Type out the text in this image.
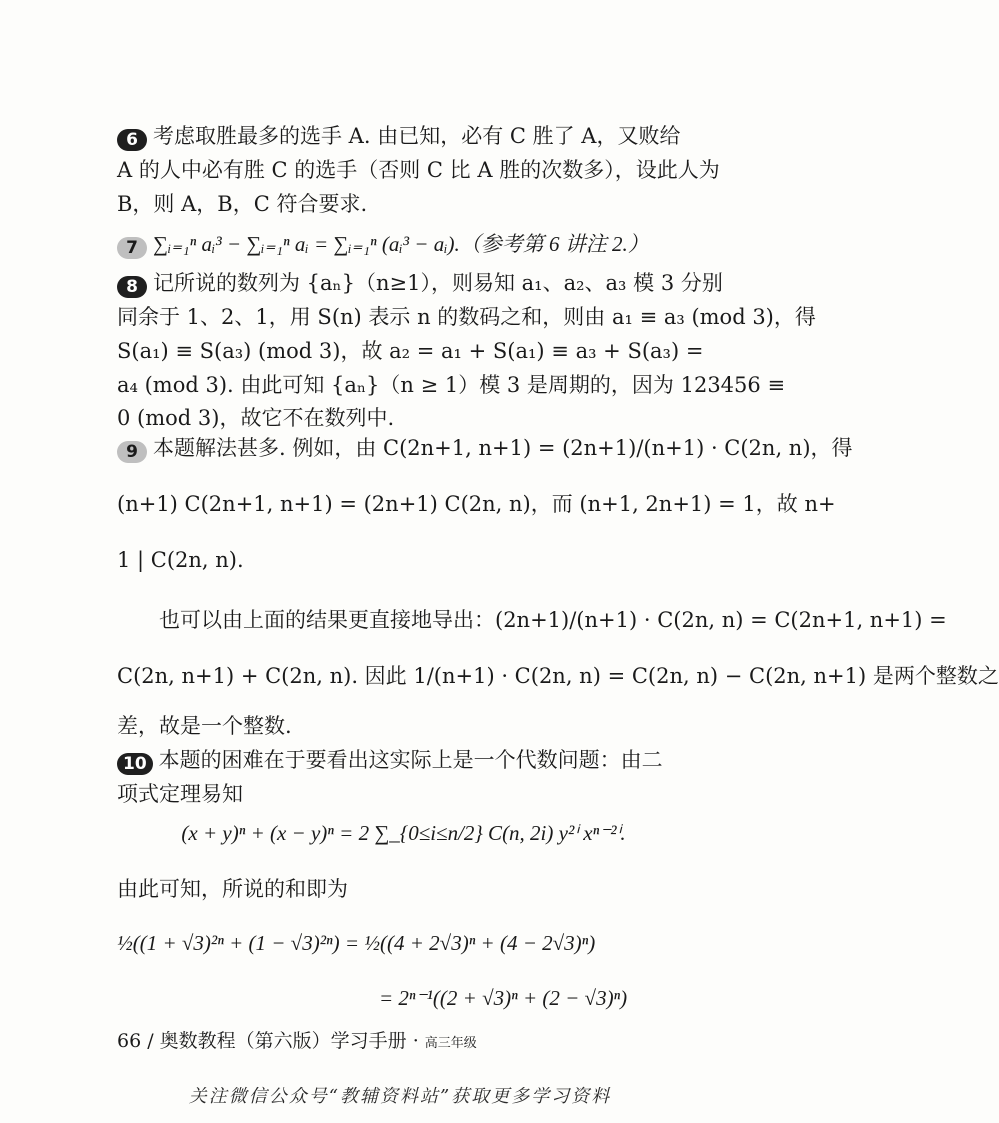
6 考虑取胜最多的选手 A. 由已知，必有 C 胜了 A，又败给
A 的人中必有胜 C 的选手（否则 C 比 A 胜的次数多），设此人为
B，则 A，B，C 符合要求.
7 ∑ᵢ₌₁ⁿ aᵢ³ − ∑ᵢ₌₁ⁿ aᵢ = ∑ᵢ₌₁ⁿ (aᵢ³ − aᵢ).（参考第 6 讲注 2.）
8 记所说的数列为 {aₙ}（n≥1），则易知 a₁、a₂、a₃ 模 3 分别
同余于 1、2、1，用 S(n) 表示 n 的数码之和，则由 a₁ ≡ a₃ (mod 3)，得
S(a₁) ≡ S(a₃) (mod 3)，故 a₂ = a₁ + S(a₁) ≡ a₃ + S(a₃) =
a₄ (mod 3). 由此可知 {aₙ}（n ≥ 1）模 3 是周期的，因为 123456 ≡
0 (mod 3)，故它不在数列中.
9 本题解法甚多. 例如，由 C(2n+1, n+1) = (2n+1)/(n+1) · C(2n, n)，得
(n+1) C(2n+1, n+1) = (2n+1) C(2n, n)，而 (n+1, 2n+1) = 1，故 n+
1 | C(2n, n).
也可以由上面的结果更直接地导出：(2n+1)/(n+1) · C(2n, n) = C(2n+1, n+1) =
C(2n, n+1) + C(2n, n). 因此 1/(n+1) · C(2n, n) = C(2n, n) − C(2n, n+1) 是两个整数之
差，故是一个整数.
10 本题的困难在于要看出这实际上是一个代数问题：由二
项式定理易知
(x + y)ⁿ + (x − y)ⁿ = 2 ∑_{0≤i≤n/2} C(n, 2i) y²ⁱ xⁿ⁻²ⁱ.
由此可知，所说的和即为
½((1 + √3)²ⁿ + (1 − √3)²ⁿ) = ½((4 + 2√3)ⁿ + (4 − 2√3)ⁿ)
= 2ⁿ⁻¹((2 + √3)ⁿ + (2 − √3)ⁿ)
66 / 奥数教程（第六版）学习手册 · 高三年级
关注微信公众号“教辅资料站”获取更多学习资料
